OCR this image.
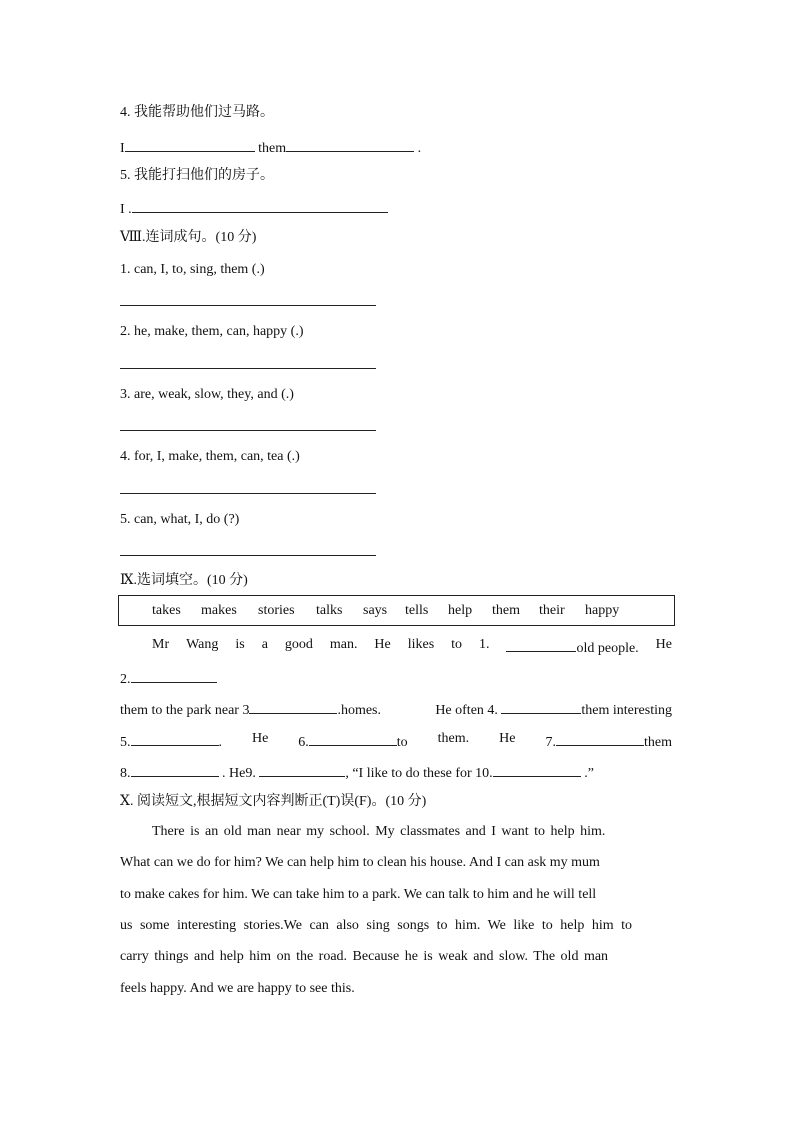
4. 我能帮助他们过马路。
I	them	.
5. 我能打扫他们的房子。
I .
Ⅷ.连词成句。(10 分)
1. can, I, to, sing, them (.)
2. he, make, them, can, happy (.)
3. are, weak, slow, they, and (.)
4. for, I, make, them, can, tea (.)
5. can, what, I, do (?)
Ⅸ.选词填空。(10 分)
takes makes stories talks says tells help them their happy
Mr Wang is a good man. He likes to 1.	old people. He
2.
them to the park near 3	.homes.	He often 4.	them interesting
5.	. He 6.	to them. He 7.	them
8.	. He9.	, “I like to do these for 10.	.”
Ⅹ. 阅读短文,根据短文内容判断正(T)误(F)。(10 分)
There is an old man near my school. My classmates and I want to help him.
What can we do for him? We can help him to clean his house. And I can ask my mum
to make cakes for him. We can take him to a park. We can talk to him and he will tell
us some interesting stories.We can also sing songs to him. We like to help him to
carry things and help him on the road. Because he is weak and slow. The old man
feels happy. And we are happy to see this.
